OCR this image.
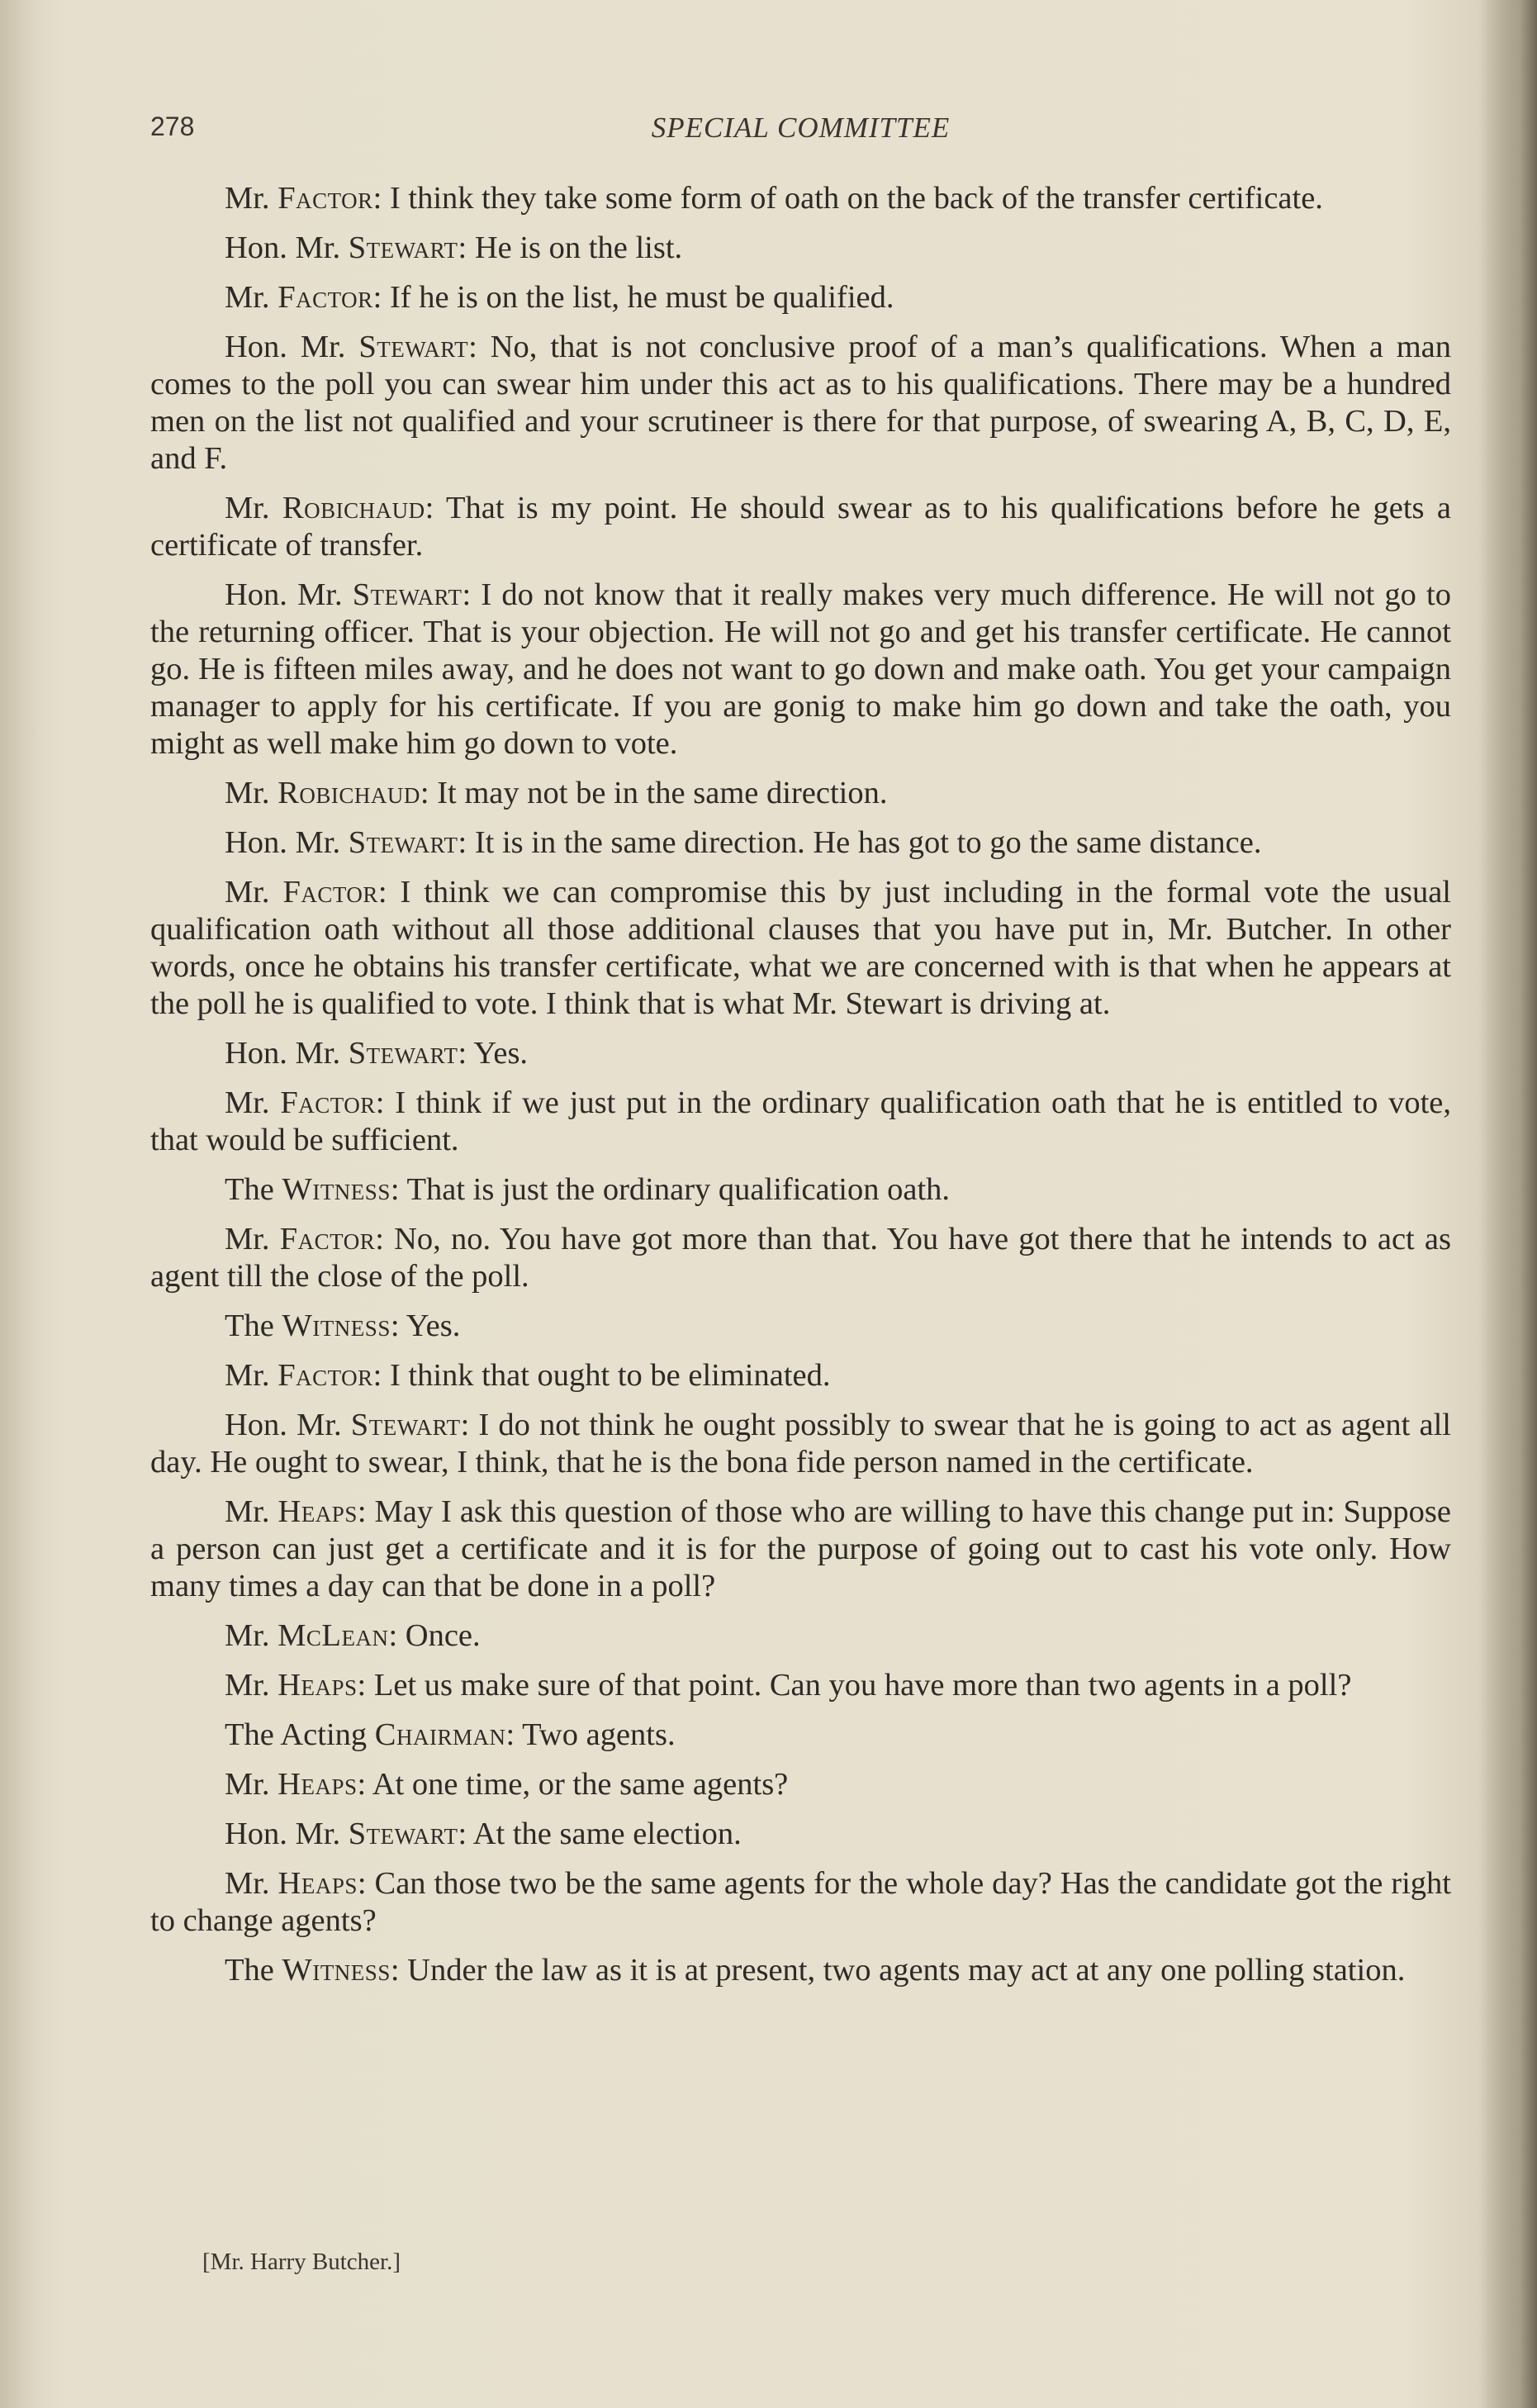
278	SPECIAL COMMITTEE

Mr. Factor: I think they take some form of oath on the back of the transfer certificate.

Hon. Mr. Stewart: He is on the list.

Mr. Factor: If he is on the list, he must be qualified.

Hon. Mr. Stewart: No, that is not conclusive proof of a man’s qualifications. When a man comes to the poll you can swear him under this act as to his qualifications. There may be a hundred men on the list not qualified and your scrutineer is there for that purpose, of swearing A, B, C, D, E, and F.

Mr. Robichaud: That is my point. He should swear as to his qualifications before he gets a certificate of transfer.

Hon. Mr. Stewart: I do not know that it really makes very much difference. He will not go to the returning officer. That is your objection. He will not go and get his transfer certificate. He cannot go. He is fifteen miles away, and he does not want to go down and make oath. You get your campaign manager to apply for his certificate. If you are gonig to make him go down and take the oath, you might as well make him go down to vote.

Mr. Robichaud: It may not be in the same direction.

Hon. Mr. Stewart: It is in the same direction. He has got to go the same distance.

Mr. Factor: I think we can compromise this by just including in the formal vote the usual qualification oath without all those additional clauses that you have put in, Mr. Butcher. In other words, once he obtains his transfer certificate, what we are concerned with is that when he appears at the poll he is qualified to vote. I think that is what Mr. Stewart is driving at.

Hon. Mr. Stewart: Yes.

Mr. Factor: I think if we just put in the ordinary qualification oath that he is entitled to vote, that would be sufficient.

The Witness: That is just the ordinary qualification oath.

Mr. Factor: No, no. You have got more than that. You have got there that he intends to act as agent till the close of the poll.

The Witness: Yes.

Mr. Factor: I think that ought to be eliminated.

Hon. Mr. Stewart: I do not think he ought possibly to swear that he is going to act as agent all day. He ought to swear, I think, that he is the bona fide person named in the certificate.

Mr. Heaps: May I ask this question of those who are willing to have this change put in: Suppose a person can just get a certificate and it is for the purpose of going out to cast his vote only. How many times a day can that be done in a poll?

Mr. McLean: Once.

Mr. Heaps: Let us make sure of that point. Can you have more than two agents in a poll?

The Acting Chairman: Two agents.

Mr. Heaps: At one time, or the same agents?

Hon. Mr. Stewart: At the same election.

Mr. Heaps: Can those two be the same agents for the whole day? Has the candidate got the right to change agents?

The Witness: Under the law as it is at present, two agents may act at any one polling station.

[Mr. Harry Butcher.]
